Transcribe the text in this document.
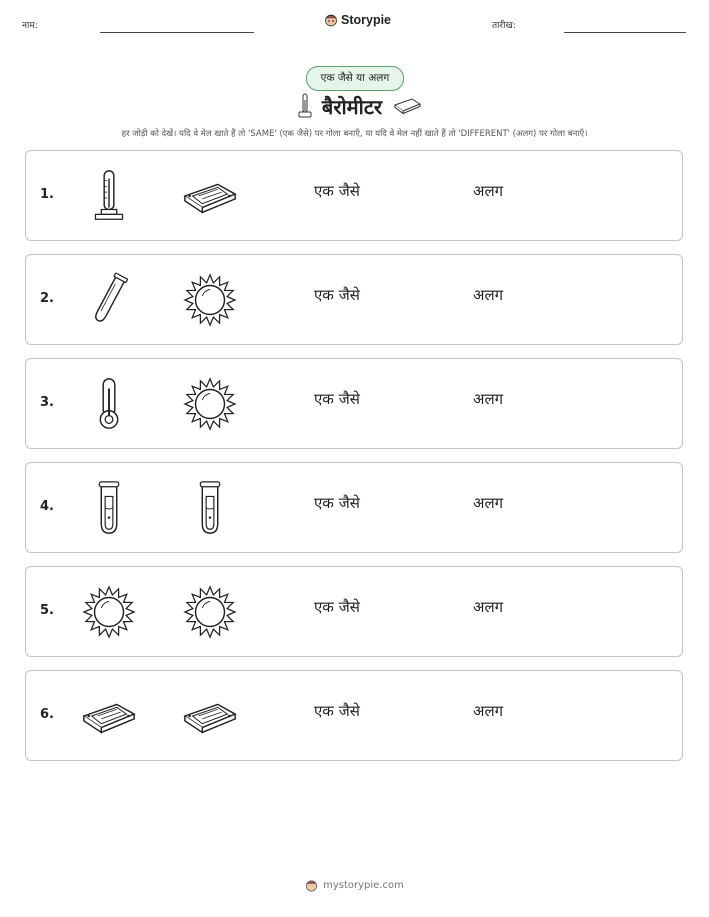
नाम:	Storypie	तारीख:
एक जैसे या अलग
बैरोमीटर
हर जोड़ी को देखें। यदि वे मेल खाते हैं तो 'SAME' (एक जैसे) पर गोला बनाएँ, या यदि वे मेल नहीं खाते हैं तो 'DIFFERENT' (अलग) पर गोला बनाएँ।
1.	एक जैसे	अलग
2.	एक जैसे	अलग
3.	एक जैसे	अलग
4.	एक जैसे	अलग
5.	एक जैसे	अलग
6.	एक जैसे	अलग
mystorypie.com
